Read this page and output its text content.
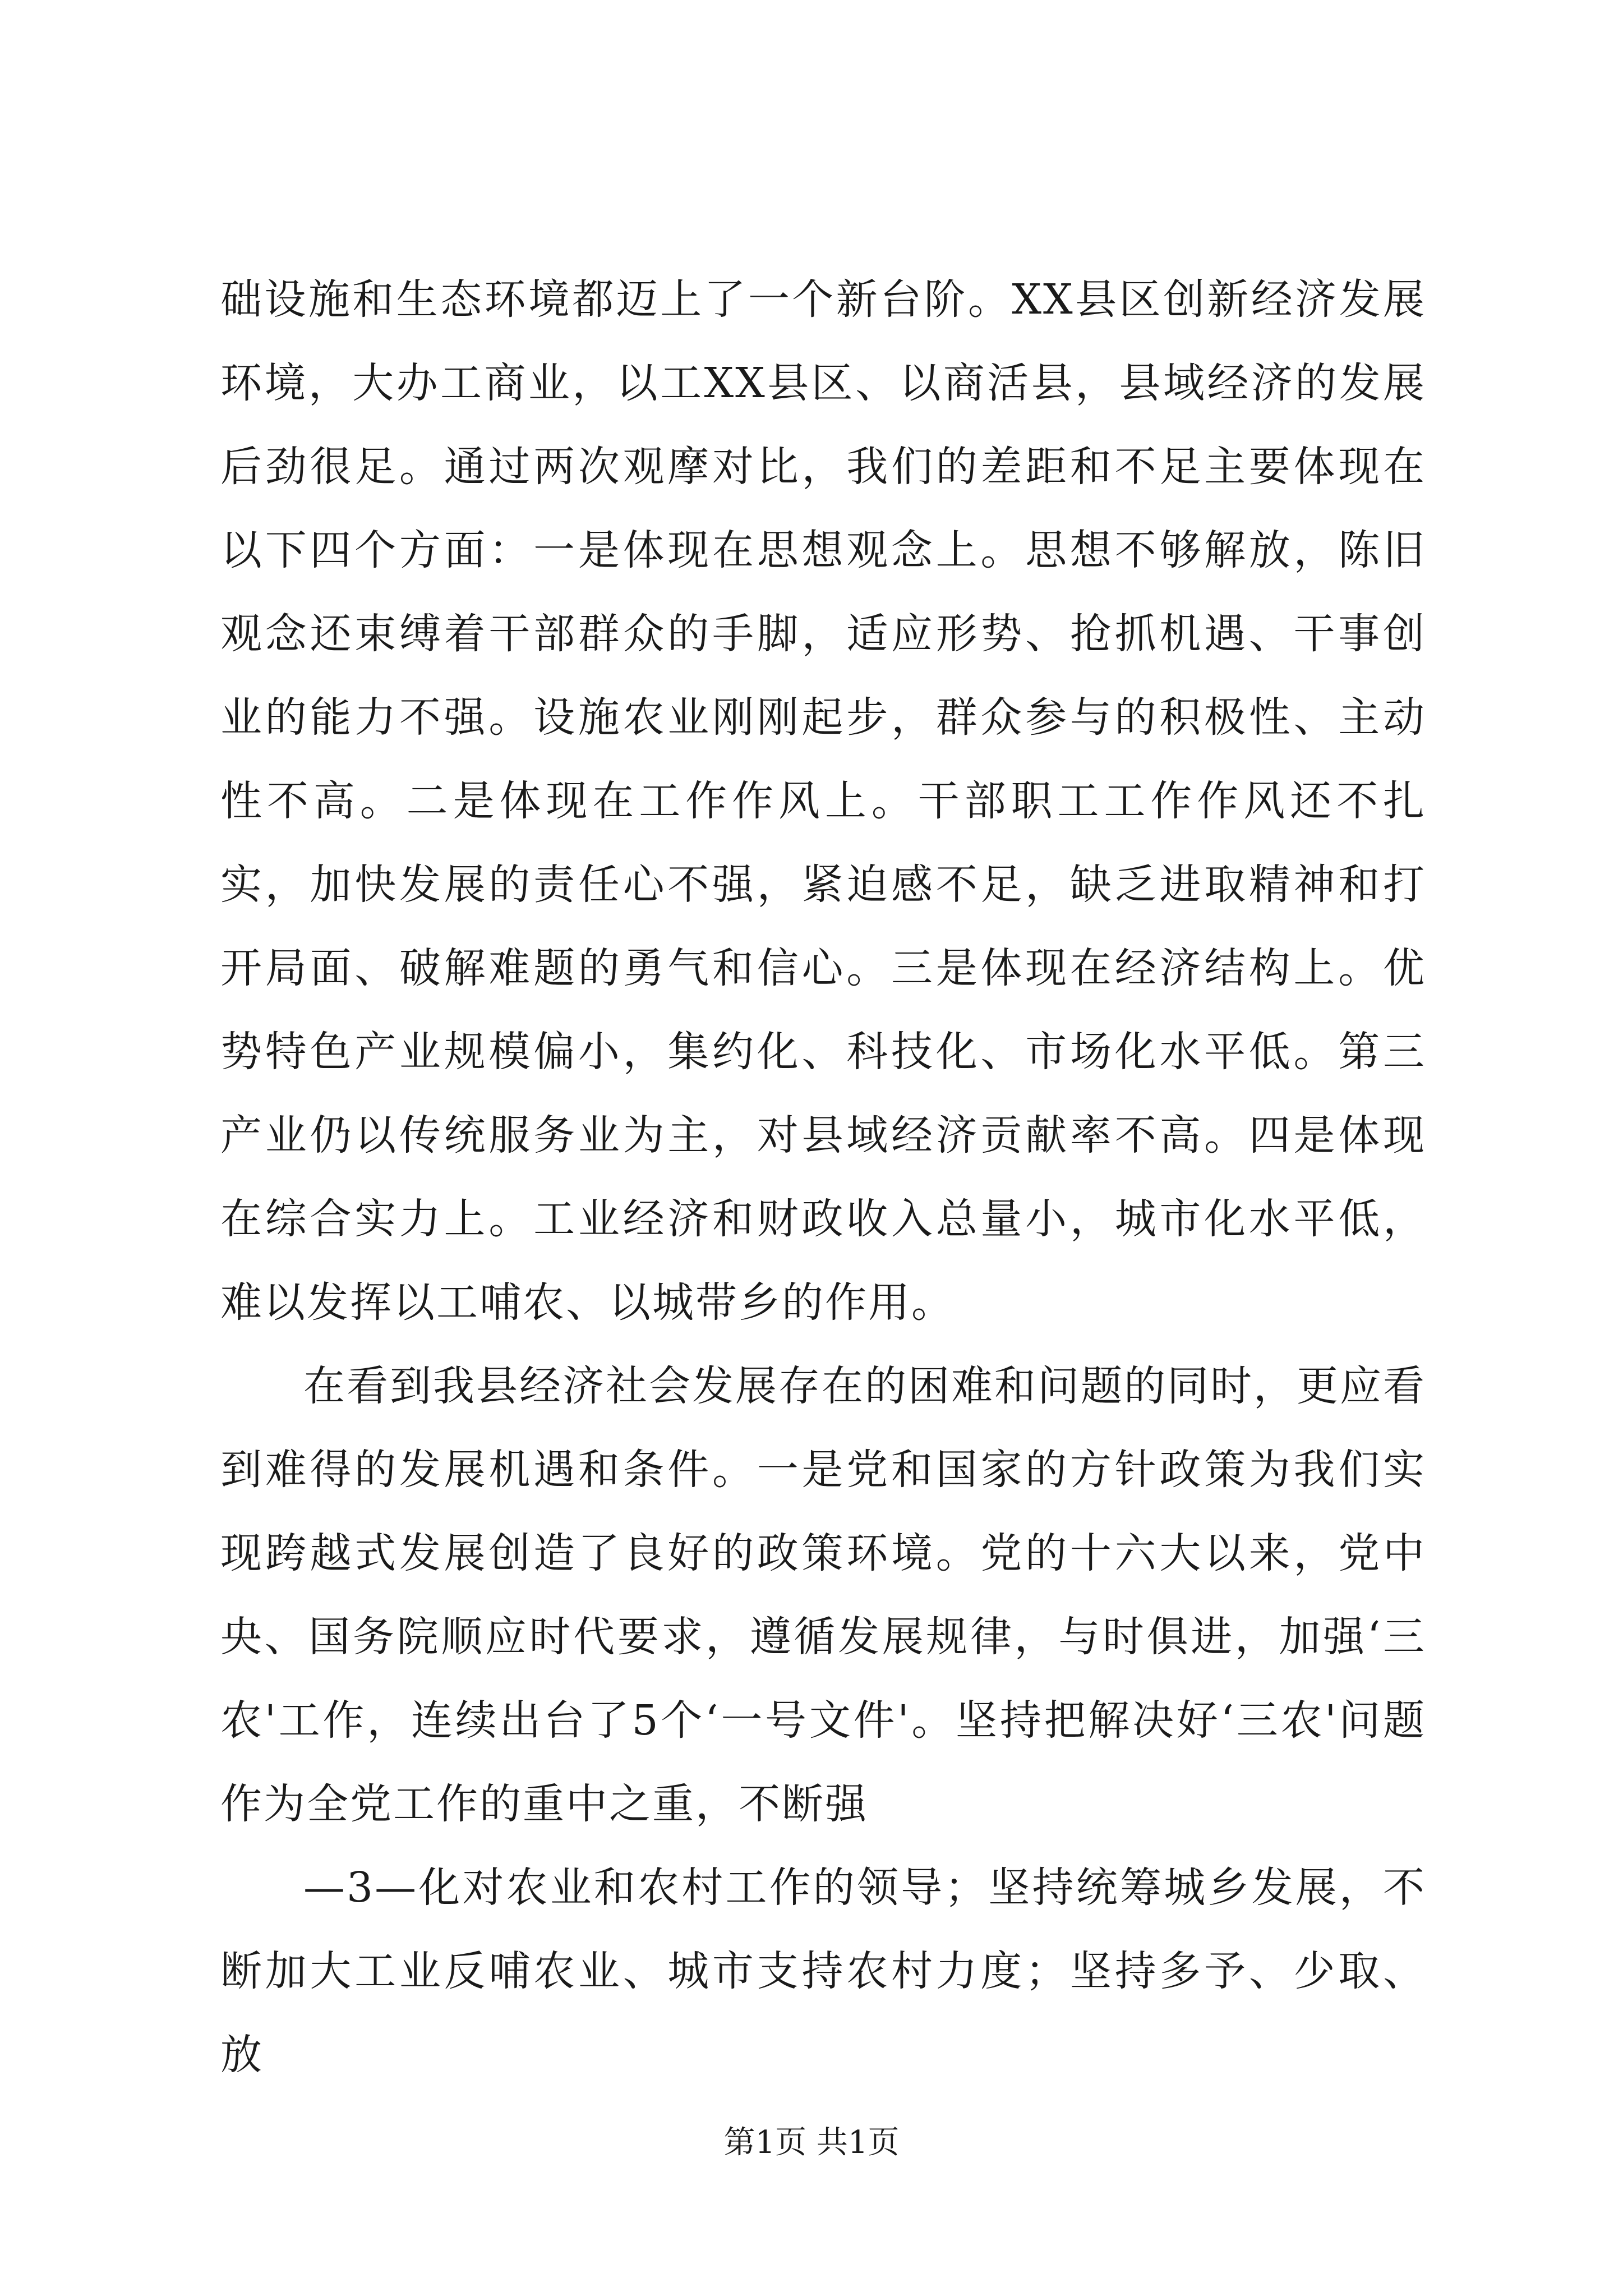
础设施和生态环境都迈上了一个新台阶。XX县区创新经济发展环境，大办工商业，以工XX县区、以商活县，县域经济的发展后劲很足。通过两次观摩对比，我们的差距和不足主要体现在以下四个方面：一是体现在思想观念上。思想不够解放，陈旧观念还束缚着干部群众的手脚，适应形势、抢抓机遇、干事创业的能力不强。设施农业刚刚起步，群众参与的积极性、主动性不高。二是体现在工作作风上。干部职工工作作风还不扎实，加快发展的责任心不强，紧迫感不足，缺乏进取精神和打开局面、破解难题的勇气和信心。三是体现在经济结构上。优势特色产业规模偏小，集约化、科技化、市场化水平低。第三产业仍以传统服务业为主，对县域经济贡献率不高。四是体现在综合实力上。工业经济和财政收入总量小，城市化水平低，难以发挥以工哺农、以城带乡的作用。

在看到我县经济社会发展存在的困难和问题的同时，更应看到难得的发展机遇和条件。一是党和国家的方针政策为我们实现跨越式发展创造了良好的政策环境。党的十六大以来，党中央、国务院顺应时代要求，遵循发展规律，与时俱进，加强‘三农'工作，连续出台了5个‘一号文件'。坚持把解决好‘三农'问题作为全党工作的重中之重，不断强

—3—化对农业和农村工作的领导；坚持统筹城乡发展，不断加大工业反哺农业、城市支持农村力度；坚持多予、少取、放

第1页 共1页
